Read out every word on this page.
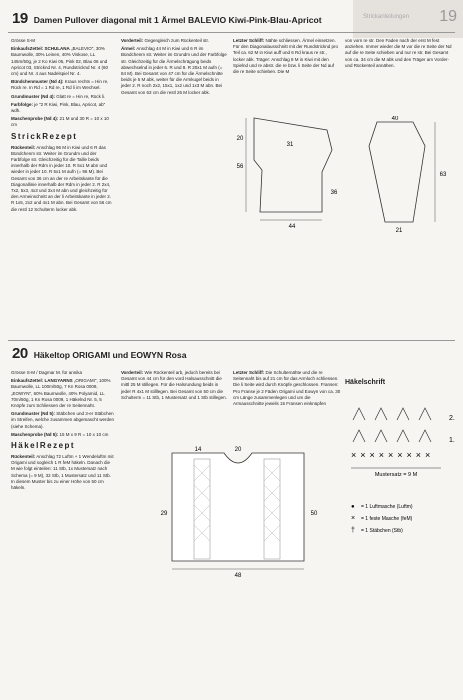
Strickanleitungen 19
19 Damen Pullover diagonal mit 1 Ärmel BALEVIO Kiwi-Pink-Blau-Apricot

Grösse S-M

EinkaufsZettel: SCHULANA „BALEVIO", 30% Baumwolle, 30% Leinen, 40% Viskose, LL 145m/50g, je 2 Ko Kiwi 05, Pink 02, Blau 06 und Apricot 03, Stricknd Nr. 4, Rundstricknd Nr. 4 (60 cm) und Nr. 4 aus Nadelspiel Nr. 4.

Bündchenmuster (Nd 4): Kraus rechts = Hin re, Rück re. In Rd = 1 Rd re, 1 Rd li im Wechsel.

Grundmuster (Nd 4): Glatt re = Hin re, Rück li.

Farbfolge: je "2 R Kiwi, Pink, Blau, Apricot, ab" wdh.

Maschenprobe (Nd 4): 21 M und 30 R = 10 x 10 cm

StrickRezept

Rückenteil: Anschlag 96 M in Kiwi und 6 R das Bündchenm str. Weiter im Grundm und der Farbfolge str. Gleichzeitig für die Taille beids innerhalb der Rdm in jeder 10. R 5x1 M abn und wieder in jeder 10. R 5x1 M aufn (= 96 M). Bei Gesamt von 36 cm an der re Arbeitskante für die Diagonallinie innerhalb der Rdm in jeder 2. R 2x4, 7x2, 5x3, 4x3 und 3x4 M abn und gleichzeitig für den Armeinschnitt an der li Arbeitskante in jeder 2. R 1x5, 2x2 und 4x1 M abn. Bei Gesamt von 56 cm die restl 12 Schulterm locker abk.

Vorderteil: Gegengleich zum Rückenteil str.

Ärmel: Anschlag 44 M in Kiwi und 6 R im Bündchenm str. Weiter im Grundm und der Farbfolge str. Gleichzeitig für die Ärmelschrägung beids abwechselnd in jeder 6. R und 8. R 20x1 M aufn (= 84 M). Bei Gesamt von 47 cm für die Ärmelschnitte beids je 5 M abk, weiter für die Armkugel beids in jeder 2. R noch 2x2, 15x1, 1x2 und 1x3 M abn. Bei Gesamt von 63 cm die restl 26 M locker abk.

Letzter Schliff: Nähte schliessen. Ärmel einsetzen. Für den Diagonalausschnitt mit der Rundstricknd pro Teil ca. 62 M in Kiwi auff und 6 Rd kraus re str., locker abk. Träger: Anschlag 8 M in Kiwi mit den Spielnd und re abstr. die re bzw. li Seite der Nd auf die re Seite schieben. Die M

von vorn re str. Den Faden nach der erst M fest anziehen. Immer wieder die M vor die re Seite der Nd auf die re Seite schieben und nur re str. Bei Gesamt von ca. 34 cm die M abk und den Träger am Vorder- und Rückenteil annähen.

44
56
20
31
36
40
63
21
20 Häkeltop ORIGAMI und EOWYN Rosa

Grösse S-M / Dagmar M. für annika

EinkaufsZettel: LANGYARNS „ORIGAMI", 100% Baumwolle, LL 100m/50g, 7 Kn Rosa 0009, „EOWYN", 60% Baumwolle, 40% Polyamid, LL 70m/50g, 1 Kn Rosa 0009, 1 Häkelnd Nr. 5, 5 Knöpfe zum Schliessen der re Seitennaht.

Grundmuster (Nd 5): Stäbchen und 3-er Stäbchen im Streifen, welche zusammen abgemascht werden (siehe Schema).

Maschenprobe (Nd 5): 15 M x 9 R = 10 x 10 cm

HäkelRezept

Rückenteil: Anschlag 72 Luftm + 1 Wendeluftm mit Origami und sogleich 1 R feM häkeln. Danach die M wie folgt einteilen: 11 Stb, 1x Mustersatz nach Schema (= 9 M), 32 Stb, 1 Mustersatz und 11 Stb. In diesem Muster bis zu einer Höhe von 50 cm häkeln.

Vorderteil: Wie Rückenteil arb, jedoch bereits bei Gesamt von 44 cm für den vord Halsausschnitt die mittl 25 M stillegen. Für die Halsrundung beids in jeder R 4x1 M stilllegen. Bei Gesamt von 50 cm die Schulterm = 11 Stb, 1 Mustersatz und 1 Stb stillegen.

Letzter Schliff: Die Schulternähte und die re Seitennaht bis auf 21 cm für das Armloch schliessen. Die li Seite wird durch Knöpfe geschlossen. Fransen: Pro Franse je 2 Fäden Origami und Eowyn von ca. 30 cm Länge zusammenlegen und um die Armausschnitte jeweils 15 Fransen einknüpfen

48
14	20
29	50
Häkelschrift
2.
1.
×××××××××
Mustersatz = 9 M
● = 1 Luftmasche (Luftm)
× = 1 feste Masche (feM)
† = 1 Stäbchen (Stb)
